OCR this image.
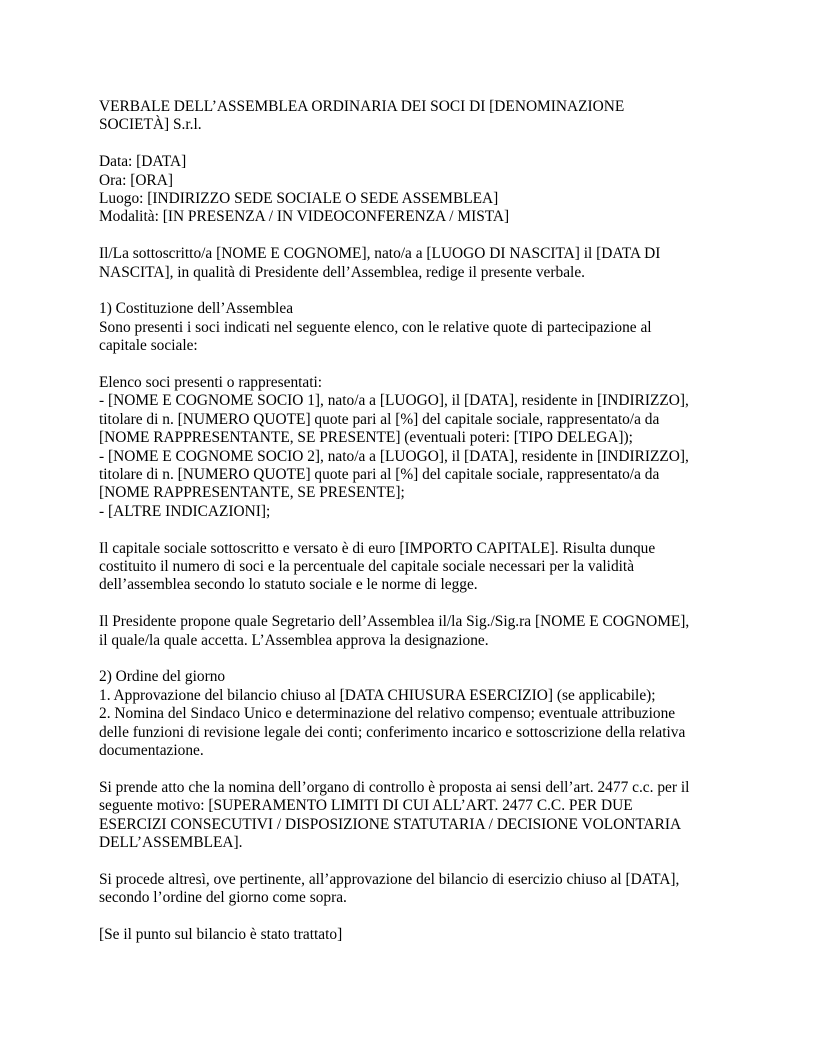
VERBALE DELL’ASSEMBLEA ORDINARIA DEI SOCI DI [DENOMINAZIONE
SOCIETÀ] S.r.l.

Data: [DATA]
Ora: [ORA]
Luogo: [INDIRIZZO SEDE SOCIALE O SEDE ASSEMBLEA]
Modalità: [IN PRESENZA / IN VIDEOCONFERENZA / MISTA]

Il/La sottoscritto/a [NOME E COGNOME], nato/a a [LUOGO DI NASCITA] il [DATA DI
NASCITA], in qualità di Presidente dell’Assemblea, redige il presente verbale.

1) Costituzione dell’Assemblea
Sono presenti i soci indicati nel seguente elenco, con le relative quote di partecipazione al
capitale sociale:

Elenco soci presenti o rappresentati:
- [NOME E COGNOME SOCIO 1], nato/a a [LUOGO], il [DATA], residente in [INDIRIZZO],
titolare di n. [NUMERO QUOTE] quote pari al [%] del capitale sociale, rappresentato/a da
[NOME RAPPRESENTANTE, SE PRESENTE] (eventuali poteri: [TIPO DELEGA]);
- [NOME E COGNOME SOCIO 2], nato/a a [LUOGO], il [DATA], residente in [INDIRIZZO],
titolare di n. [NUMERO QUOTE] quote pari al [%] del capitale sociale, rappresentato/a da
[NOME RAPPRESENTANTE, SE PRESENTE];
- [ALTRE INDICAZIONI];

Il capitale sociale sottoscritto e versato è di euro [IMPORTO CAPITALE]. Risulta dunque
costituito il numero di soci e la percentuale del capitale sociale necessari per la validità
dell’assemblea secondo lo statuto sociale e le norme di legge.

Il Presidente propone quale Segretario dell’Assemblea il/la Sig./Sig.ra [NOME E COGNOME],
il quale/la quale accetta. L’Assemblea approva la designazione.

2) Ordine del giorno
1. Approvazione del bilancio chiuso al [DATA CHIUSURA ESERCIZIO] (se applicabile);
2. Nomina del Sindaco Unico e determinazione del relativo compenso; eventuale attribuzione
delle funzioni di revisione legale dei conti; conferimento incarico e sottoscrizione della relativa
documentazione.

Si prende atto che la nomina dell’organo di controllo è proposta ai sensi dell’art. 2477 c.c. per il
seguente motivo: [SUPERAMENTO LIMITI DI CUI ALL’ART. 2477 C.C. PER DUE
ESERCIZI CONSECUTIVI / DISPOSIZIONE STATUTARIA / DECISIONE VOLONTARIA
DELL’ASSEMBLEA].

Si procede altresì, ove pertinente, all’approvazione del bilancio di esercizio chiuso al [DATA],
secondo l’ordine del giorno come sopra.

[Se il punto sul bilancio è stato trattato]
